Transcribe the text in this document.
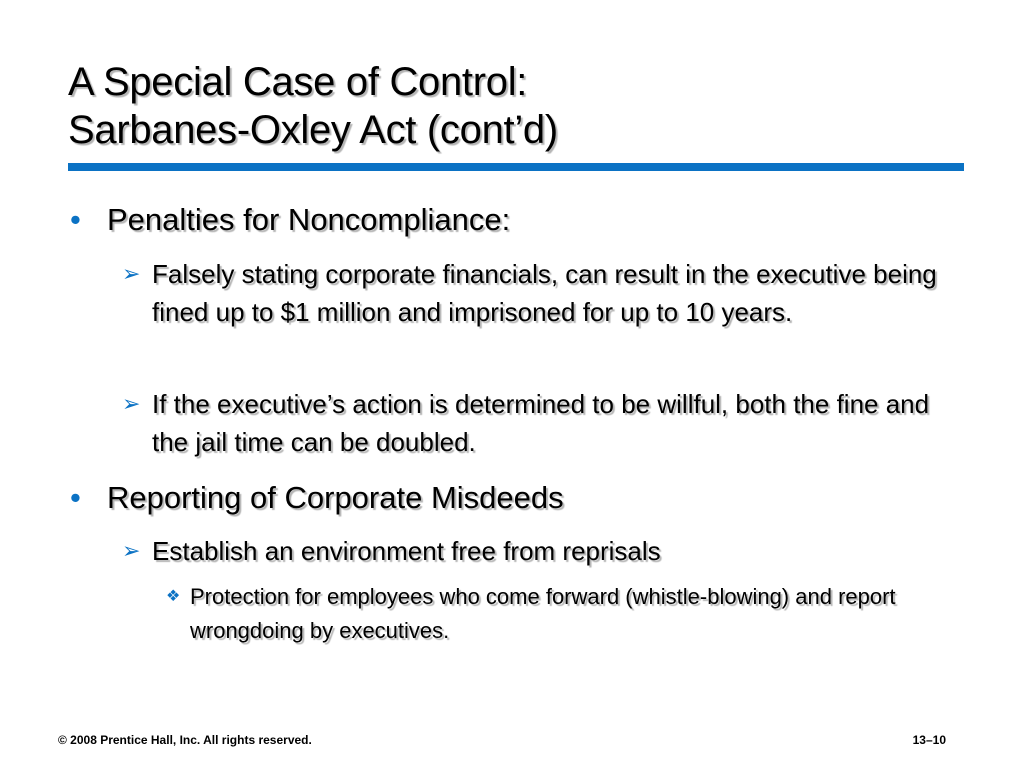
A Special Case of Control:
Sarbanes-Oxley Act (cont’d)
• Penalties for Noncompliance:
➢ Falsely stating corporate financials, can result in the executive being fined up to $1 million and imprisoned for up to 10 years.
➢ If the executive’s action is determined to be willful, both the fine and the jail time can be doubled.
• Reporting of Corporate Misdeeds
➢ Establish an environment free from reprisals
❖ Protection for employees who come forward (whistle-blowing) and report wrongdoing by executives.
© 2008 Prentice Hall, Inc. All rights reserved.	13–10
